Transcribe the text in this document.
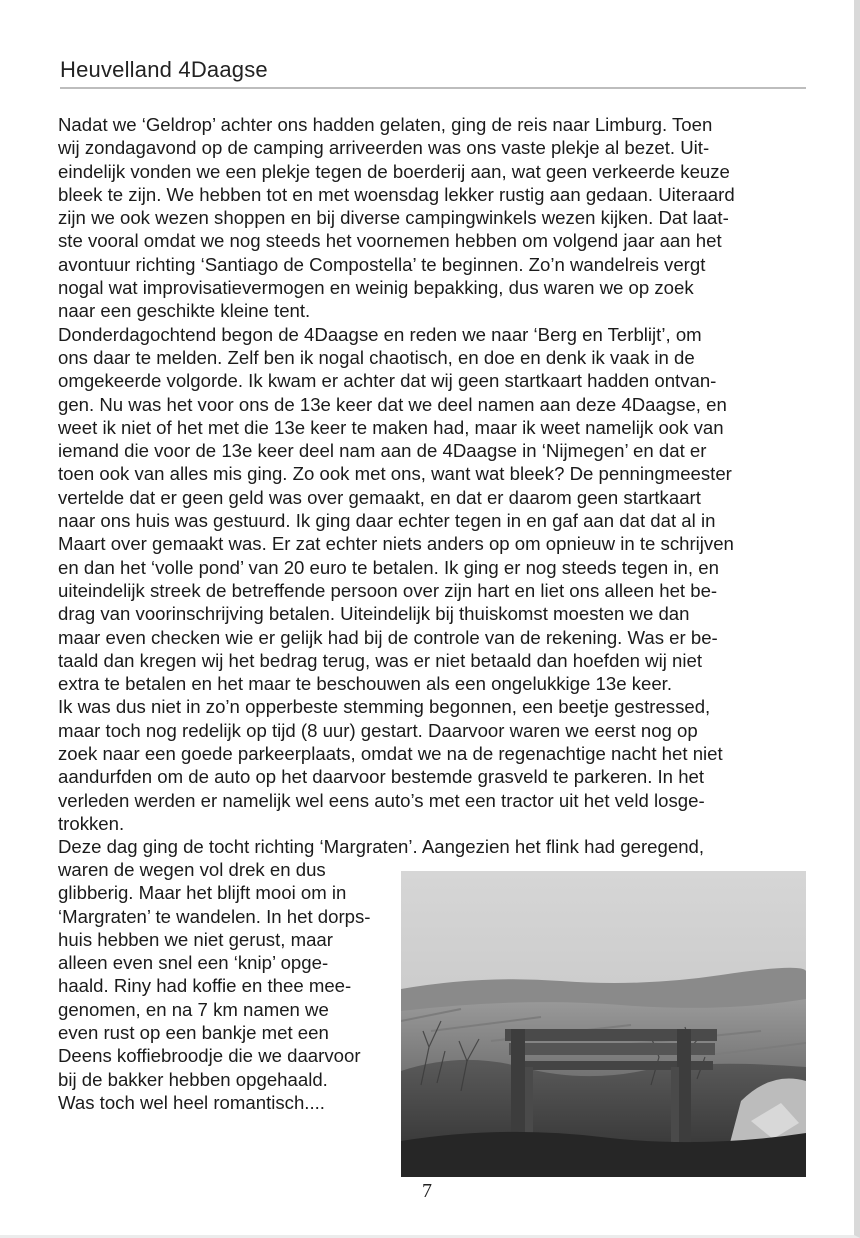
Heuvelland 4Daagse
Nadat we ‘Geldrop’ achter ons hadden gelaten, ging de reis naar Limburg. Toen
wij zondagavond op de camping arriveerden was ons vaste plekje al bezet. Uit-
eindelijk vonden we een plekje tegen de boerderij aan, wat geen verkeerde keuze
bleek te zijn. We hebben tot en met woensdag lekker rustig aan gedaan. Uiteraard
zijn we ook wezen shoppen en bij diverse campingwinkels wezen kijken. Dat laat-
ste vooral omdat we nog steeds het voornemen hebben om volgend jaar aan het
avontuur richting ‘Santiago de Compostella’ te beginnen. Zo’n wandelreis vergt
nogal wat improvisatievermogen en weinig bepakking, dus waren we op zoek
naar een geschikte kleine tent.
Donderdagochtend begon de 4Daagse en reden we naar ‘Berg en Terblijt’, om
ons daar te melden. Zelf ben ik nogal chaotisch, en doe en denk ik vaak in de
omgekeerde volgorde. Ik kwam er achter dat wij geen startkaart hadden ontvan-
gen. Nu was het voor ons de 13e keer dat we deel namen aan deze 4Daagse, en
weet ik niet of het met die 13e keer te maken had, maar ik weet namelijk ook van
iemand die voor de 13e keer deel nam aan de 4Daagse in ‘Nijmegen’ en dat er
toen ook van alles mis ging. Zo ook met ons, want wat bleek? De penningmeester
vertelde dat er geen geld was over gemaakt, en dat er daarom geen startkaart
naar ons huis was gestuurd. Ik ging daar echter tegen in en gaf aan dat dat al in
Maart over gemaakt was. Er zat echter niets anders op om opnieuw in te schrijven
en dan het ‘volle pond’ van 20 euro te betalen. Ik ging er nog steeds tegen in, en
uiteindelijk streek de betreffende persoon over zijn hart en liet ons alleen het be-
drag van voorinschrijving betalen. Uiteindelijk bij thuiskomst moesten we dan
maar even checken wie er gelijk had bij de controle van de rekening. Was er be-
taald dan kregen wij het bedrag terug, was er niet betaald dan hoefden wij niet
extra te betalen en het maar te beschouwen als een ongelukkige 13e keer.
Ik was dus niet in zo’n opperbeste stemming begonnen, een beetje gestressed,
maar toch nog redelijk op tijd (8 uur) gestart. Daarvoor waren we eerst nog op
zoek naar een goede parkeerplaats, omdat we na de regenachtige nacht het niet
aandurfden om de auto op het daarvoor bestemde grasveld te parkeren. In het
verleden werden er namelijk wel eens auto’s met een tractor uit het veld losge-
trokken.
Deze dag ging de tocht richting ‘Margraten’. Aangezien het flink had geregend,
waren de wegen vol drek en dus
glibberig. Maar het blijft mooi om in
‘Margraten’ te wandelen. In het dorps-
huis hebben we niet gerust, maar
alleen even snel een ‘knip’ opge-
haald. Riny had koffie en thee mee-
genomen, en na 7 km namen we
even rust op een bankje met een
Deens koffiebroodje die we daarvoor
bij de bakker hebben opgehaald.
Was toch wel heel romantisch....
7
